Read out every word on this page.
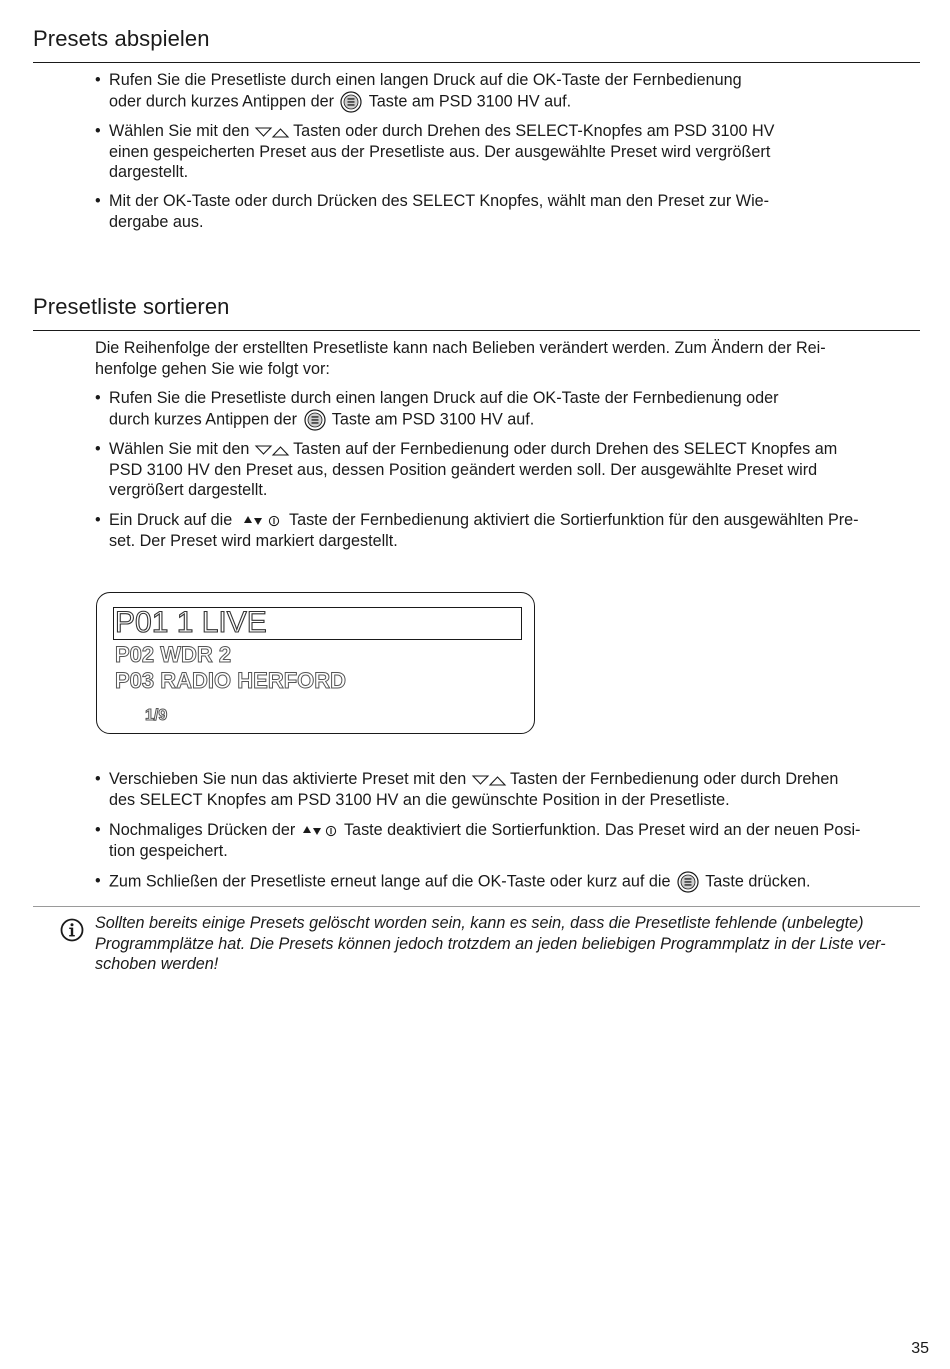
Presets abspielen
• Rufen Sie die Presetliste durch einen langen Druck auf die OK-Taste der Fernbedienung
oder durch kurzes Antippen der Taste am PSD 3100 HV auf.
• Wählen Sie mit den	Tasten oder durch Drehen des SELECT-Knopfes am PSD 3100 HV
einen gespeicherten Preset aus der Presetliste aus. Der ausgewählte Preset wird vergrößert
dargestellt.
• Mit der OK-Taste oder durch Drücken des SELECT Knopfes, wählt man den Preset zur Wie-
dergabe aus.
Presetliste sortieren
Die Reihenfolge der erstellten Presetliste kann nach Belieben verändert werden. Zum Ändern der Rei-
henfolge gehen Sie wie folgt vor:
• Rufen Sie die Presetliste durch einen langen Druck auf die OK-Taste der Fernbedienung oder
durch kurzes Antippen der Taste am PSD 3100 HV auf.
• Wählen Sie mit den	Tasten auf der Fernbedienung oder durch Drehen des SELECT Knopfes am
PSD 3100 HV den Preset aus, dessen Position geändert werden soll. Der ausgewählte Preset wird
vergrößert dargestellt.
• Ein Druck auf die	Taste der Fernbedienung aktiviert die Sortierfunktion für den ausgewählten Pre-
set. Der Preset wird markiert dargestellt.
P01 1 LIVE
P02 WDR 2
P03 RADIO HERFORD
1/9
• Verschieben Sie nun das aktivierte Preset mit den	Tasten der Fernbedienung oder durch Drehen
des SELECT Knopfes am PSD 3100 HV an die gewünschte Position in der Presetliste.
• Nochmaliges Drücken der	Taste deaktiviert die Sortierfunktion. Das Preset wird an der neuen Posi-
tion gespeichert.
• Zum Schließen der Presetliste erneut lange auf die OK-Taste oder kurz auf die Taste drücken.
Sollten bereits einige Presets gelöscht worden sein, kann es sein, dass die Presetliste fehlende (unbelegte)
Programmplätze hat. Die Presets können jedoch trotzdem an jeden beliebigen Programmplatz in der Liste ver-
schoben werden!
35
